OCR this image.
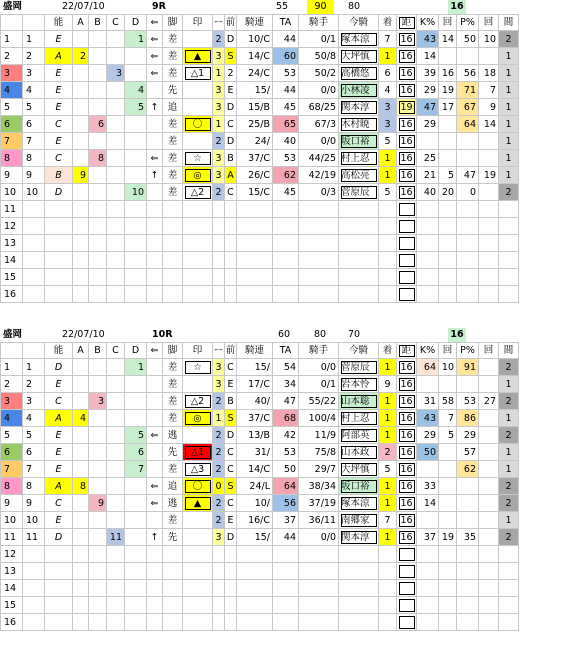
盛岡	22/07/10	9R	55	90	80	16
		能	A	B	C	D	⇐	脚	印	ー	前	騎連	TA	騎手	今騎	着	距	K%	回	P%	回	間
1	1	E				1	⇐	差		2	D	10/C	44	0/1	塚本涼	7	16	43	14	50	10	2
2	2	A	2				⇐	差	▲	3	S	14/C	60	50/8	大坪慎	1	16	14				1
3	3	E			3		⇐	差	△1	1	2	24/C	53	50/2	高橋悠	6	16	39	16	56	18	1
4	4	E				4		先		3	E	15/	44	0/0	小林凌	4	16	29	19	71	7	1
5	5	E				5	↑	追		3	D	15/B	45	68/25	関本淳	3	19	47	17	67	9	1
6	6	C		6				差	〇	1	C	25/B	65	67/3	木村暁	3	16	29		64	14	1
7	7	E						差		2	D	24/	40	0/0	坂口裕	5	16					1
8	8	C		8			⇐	差	☆	3	B	37/C	53	44/25	村上忍	1	16	25				1
9	9	B	9				↑	差	◎	3	A	26/C	62	42/19	高松亮	1	16	21	5	47	19	1
10	10	D				10		差	△2	2	C	15/C	45	0/3	菅原辰	5	16	40	20	0		2
11																						
12																						
13																						
14																						
15																						
16																						
盛岡	22/07/10	10R	60	80 70	16
		能	A	B	C	D	⇐	脚	印	ー	前	騎連	TA	騎手	今騎	着	距	K%	回	P%	回	間
1	1	D				1		差	☆	3	C	15/	54	0/0	菅原辰	1	16	64	10	91		2
2	2	E						差		3	E	17/C	34	0/1	岩本怜	9	16					1
3	3	C		3				差	△2	2	B	40/	47	55/22	山本聡	1	16	31	58	53	27	2
4	4	A	4					差	◎	1	S	37/C	68	100/4	村上忍	1	16	43	7	86		1
5	5	E				5	⇐	逃		2	D	13/B	42	11/9	阿部英	1	16	29	5	29		2
6	6	E				6		先	△1	2	C	31/	53	75/8	山本政	2	16	50		57		1
7	7	E				7		差	△3	2	C	14/C	50	29/7	大坪慎	5	16			62		1
8	8	A	8				⇐	追	〇	0	S	24/L	64	38/34	坂口裕	1	16	33				2
9	9	C		9			⇐	逃	▲	2	C	10/	56	37/19	塚本涼	1	16	14				2
10	10	E						差		2	E	16/C	37	36/11	南郷家	7	16					1
11	11	D			11		↑	先		3	D	15/	44	0/0	関本淳	1	16	37	19	35		2
12																						
13																						
14																						
15																						
16																						
